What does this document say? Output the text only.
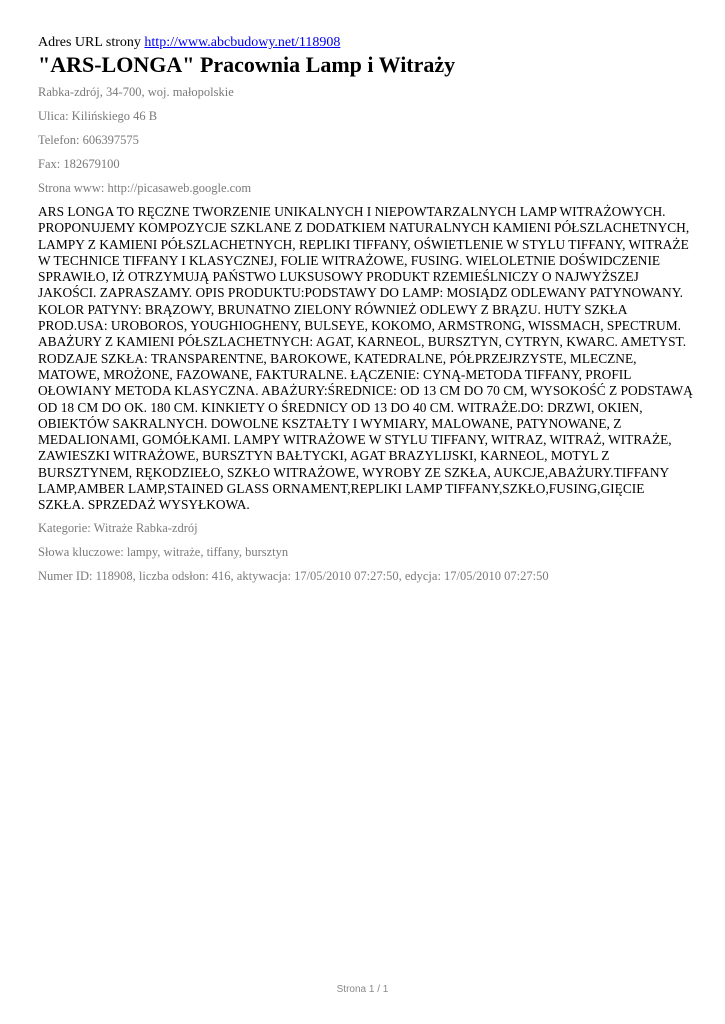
Adres URL strony http://www.abcbudowy.net/118908

"ARS-LONGA" Pracownia Lamp i Witraży

Rabka-zdrój, 34-700, woj. małopolskie

Ulica: Kilińskiego 46 B

Telefon: 606397575

Fax: 182679100

Strona www: http://picasaweb.google.com

ARS LONGA TO RĘCZNE TWORZENIE UNIKALNYCH I NIEPOWTARZALNYCH LAMP WITRAŻOWYCH. PROPONUJEMY KOMPOZYCJE SZKLANE Z DODATKIEM NATURALNYCH KAMIENI PÓŁSZLACHETNYCH, LAMPY Z KAMIENI PÓŁSZLACHETNYCH, REPLIKI TIFFANY, OŚWIETLENIE W STYLU TIFFANY, WITRAŻE W TECHNICE TIFFANY I KLASYCZNEJ, FOLIE WITRAŻOWE, FUSING. WIELOLETNIE DOŚWIDCZENIE SPRAWIŁO, IŻ OTRZYMUJĄ PAŃSTWO LUKSUSOWY PRODUKT RZEMIEŚLNICZY O NAJWYŻSZEJ JAKOŚCI. ZAPRASZAMY. OPIS PRODUKTU:PODSTAWY DO LAMP: MOSIĄDZ ODLEWANY PATYNOWANY. KOLOR PATYNY: BRĄZOWY, BRUNATNO ZIELONY RÓWNIEŻ ODLEWY Z BRĄZU. HUTY SZKŁA PROD.USA: UROBOROS, YOUGHIOGHENY, BULSEYE, KOKOMO, ARMSTRONG, WISSMACH, SPECTRUM. ABAŻURY Z KAMIENI PÓŁSZLACHETNYCH: AGAT, KARNEOL, BURSZTYN, CYTRYN, KWARC. AMETYST. RODZAJE SZKŁA: TRANSPARENTNE, BAROKOWE, KATEDRALNE, PÓŁPRZEJRZYSTE, MLECZNE, MATOWE, MROŻONE, FAZOWANE, FAKTURALNE. ŁĄCZENIE: CYNĄ-METODA TIFFANY, PROFIL OŁOWIANY METODA KLASYCZNA. ABAŻURY:ŚREDNICE: OD 13 CM DO 70 CM, WYSOKOŚĆ Z PODSTAWĄ OD 18 CM DO OK. 180 CM. KINKIETY O ŚREDNICY OD 13 DO 40 CM. WITRAŻE.DO: DRZWI, OKIEN, OBIEKTÓW SAKRALNYCH. DOWOLNE KSZTAŁTY I WYMIARY, MALOWANE, PATYNOWANE, Z MEDALIONAMI, GOMÓŁKAMI. LAMPY WITRAŻOWE W STYLU TIFFANY, WITRAZ, WITRAŻ, WITRAŻE, ZAWIESZKI WITRAŻOWE, BURSZTYN BAŁTYCKI, AGAT BRAZYLIJSKI, KARNEOL, MOTYL Z BURSZTYNEM, RĘKODZIEŁO, SZKŁO WITRAŻOWE, WYROBY ZE SZKŁA, AUKCJE,ABAŻURY.TIFFANY LAMP,AMBER LAMP,STAINED GLASS ORNAMENT,REPLIKI LAMP TIFFANY,SZKŁO,FUSING,GIĘCIE SZKŁA. SPRZEDAŻ WYSYŁKOWA.

Kategorie: Witraże Rabka-zdrój

Słowa kluczowe: lampy, witraże, tiffany, bursztyn

Numer ID: 118908, liczba odsłon: 416, aktywacja: 17/05/2010 07:27:50, edycja: 17/05/2010 07:27:50

Strona 1 / 1
